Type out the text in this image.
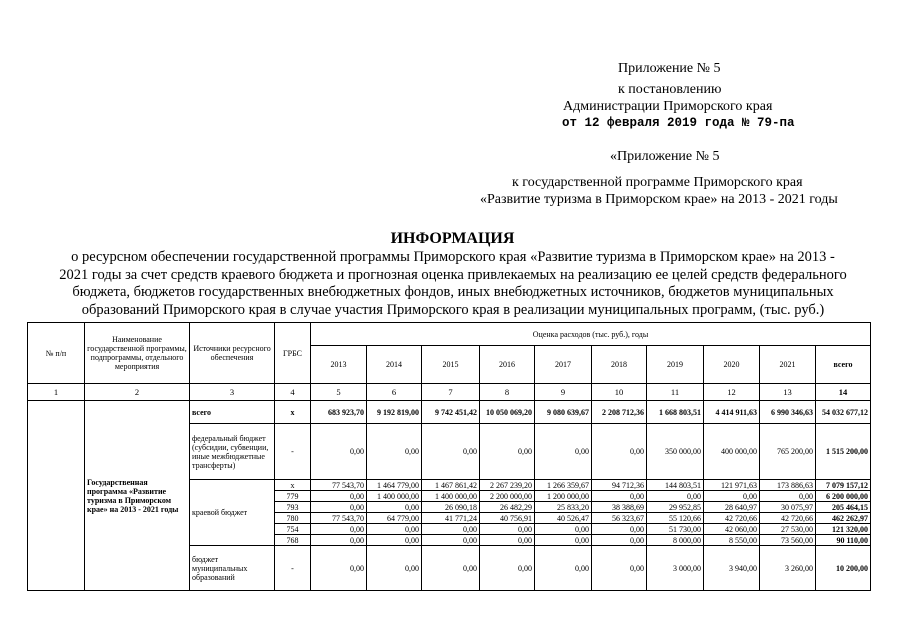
Приложение № 5
к постановлению
Администрации Приморского края
от 12 февраля 2019 года № 79-па
«Приложение № 5
к государственной программе Приморского края
«Развитие туризма в Приморском крае» на 2013 - 2021 годы
ИНФОРМАЦИЯ
о ресурсном обеспечении государственной программы Приморского края «Развитие туризма в Приморском крае» на 2013 -
2021 годы за счет средств краевого бюджета и прогнозная оценка привлекаемых на реализацию ее целей средств федерального
бюджета, бюджетов государственных внебюджетных фондов, иных внебюджетных источников, бюджетов муниципальных
образований Приморского края в случае участия Приморского края в реализации муниципальных программ, (тыс. руб.)
№ п/п	Наименование государственной программы, подпрограммы, отдельного мероприятия	Источники ресурсного обеспечения	ГРБС	Оценка расходов (тыс. руб.), годы									
				2013	2014	2015	2016	2017	2018	2019	2020	2021	всего
1	2	3	4	5	6	7	8	9	10	11	12	13	14
	Государственная программа «Развитие туризма в Приморском крае» на 2013 - 2021 годы	всего	х	683 923,70	9 192 819,00	9 742 451,42	10 050 069,20	9 080 639,67	2 208 712,36	1 668 803,51	4 414 911,63	6 990 346,63	54 032 677,12
		федеральный бюджет (субсидии, субвенции, иные межбюджетные трансферты)	-	0,00	0,00	0,00	0,00	0,00	0,00	350 000,00	400 000,00	765 200,00	1 515 200,00
		краевой бюджет	х	77 543,70	1 464 779,00	1 467 861,42	2 267 239,20	1 266 359,67	94 712,36	144 803,51	121 971,63	173 886,63	7 079 157,12
			779	0,00	1 400 000,00	1 400 000,00	2 200 000,00	1 200 000,00	0,00	0,00	0,00	0,00	6 200 000,00
			793	0,00	0,00	26 090,18	26 482,29	25 833,20	38 388,69	29 952,85	28 640,97	30 075,97	205 464,15
			780	77 543,70	64 779,00	41 771,24	40 756,91	40 526,47	56 323,67	55 120,66	42 720,66	42 720,66	462 262,97
			754	0,00	0,00	0,00	0,00	0,00	0,00	51 730,00	42 060,00	27 530,00	121 320,00
			768	0,00	0,00	0,00	0,00	0,00	0,00	8 000,00	8 550,00	73 560,00	90 110,00
		бюджет муниципальных образований	-	0,00	0,00	0,00	0,00	0,00	0,00	3 000,00	3 940,00	3 260,00	10 200,00
